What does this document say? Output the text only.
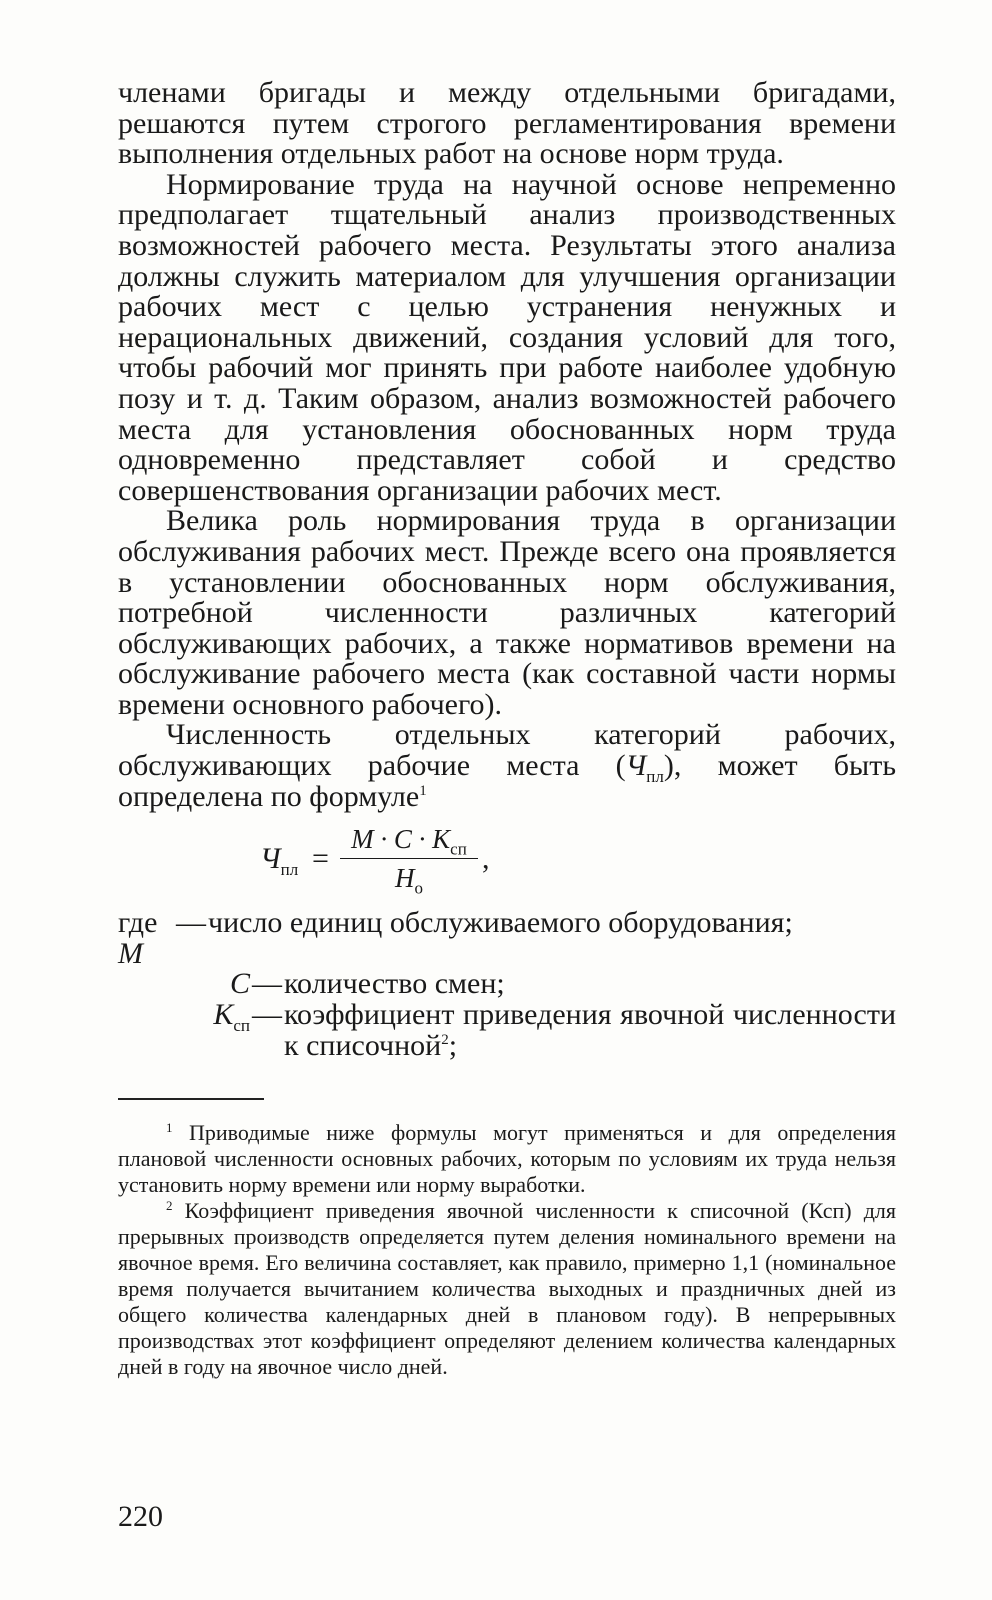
членами бригады и между отдельными бригадами, решаются путем строгого регламентирования времени выполнения отдельных работ на основе норм труда.

Нормирование труда на научной основе непременно предполагает тщательный анализ производственных возможностей рабочего места. Результаты этого анализа должны служить материалом для улучшения организации рабочих мест с целью устранения ненужных и нерациональных движений, создания условий для того, чтобы рабочий мог принять при работе наиболее удобную позу и т. д. Таким образом, анализ возможностей рабочего места для установления обоснованных норм труда одновременно представляет собой и средство совершенствования организации рабочих мест.

Велика роль нормирования труда в организации обслуживания рабочих мест. Прежде всего она проявляется в установлении обоснованных норм обслуживания, потребной численности различных категорий обслуживающих рабочих, а также нормативов времени на обслуживание рабочего места (как составной части нормы времени основного рабочего).

Численность отдельных категорий рабочих, обслуживающих рабочие места $(Ч_{пл})$, может быть определена по формуле$^1$

$Ч_{пл}$ =
$M \cdot C \cdot K_{сп}$
$H_о$
,
где M
— число единиц обслуживаемого оборудования;
C — количество смен;
$K_{сп}$ — коэффициент приведения явочной численности к списочной$^2$;

$^1$ Приводимые ниже формулы могут применяться и для определения плановой численности основных рабочих, которым по условиям их труда нельзя установить норму времени или норму выработки.

$^2$ Коэффициент приведения явочной численности к списочной (Ксп) для прерывных производств определяется путем деления номинального времени на явочное время. Его величина составляет, как правило, примерно 1,1 (номинальное время получается вычитанием количества выходных и праздничных дней из общего количества календарных дней в плановом году). В непрерывных производствах этот коэффициент определяют делением количества календарных дней в году на явочное число дней.

220
